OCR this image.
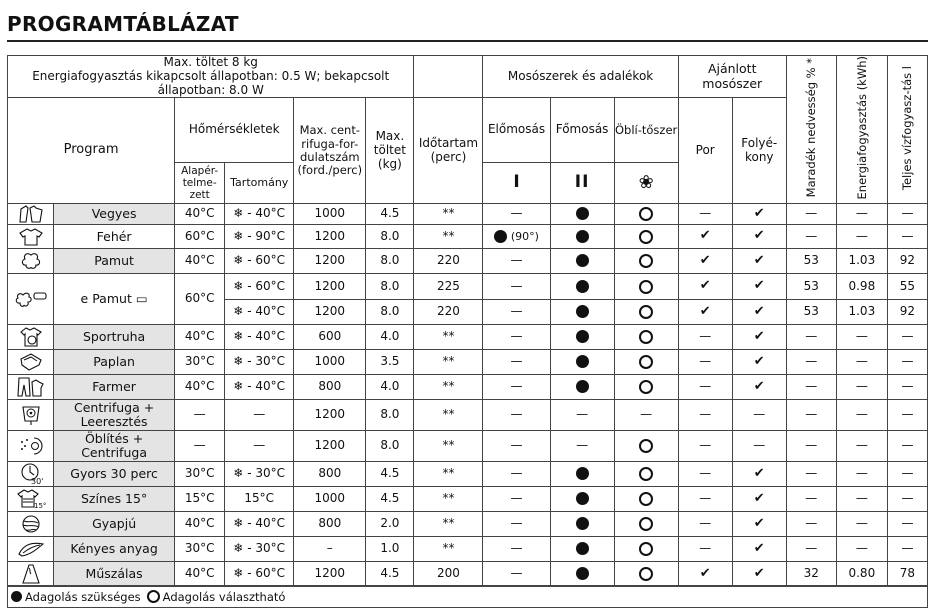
PROGRAMTÁBLÁZAT
Max. töltet 8 kg
Energiafogyasztás kikapcsolt állapotban: 0.5 W; bekapcsolt állapotban: 8.0 W							Mosószerek és adalékok			Ajánlott mosószer		Maradék nedvesség % *	Energiafogyasztás (kWh)	Teljes vízfogyasz-tás l
Program		Hőmérsékletek		Max. cent-rifuga-for-dulatszám (ford./perc)	Max. töltet (kg)	Időtartam (perc)	Előmosás	Főmosás	Öblí-tőszer	Por	Folyé-kony			
		Alapér-telme-zett	Tartomány				I	II	❀					

	Vegyes	40°C	❄ - 40°C	1000	4.5	**	—			—	✔	—	—	—

	Fehér	60°C	❄ - 90°C	1200	8.0	**	(90°)			✔	✔	—	—	—

	Pamut	40°C	❄ - 60°C	1200	8.0	220	—			✔	✔	53	1.03	92

	e Pamut ▭	60°C	❄ - 60°C	1200	8.0	225	—			✔	✔	53	0.98	55
			❄ - 40°C	1200	8.0	220	—			✔	✔	53	1.03	92

	Sportruha	40°C	❄ - 40°C	600	4.0	**	—			—	✔	—	—	—

	Paplan	30°C	❄ - 30°C	1000	3.5	**	—			—	✔	—	—	—

	Farmer	40°C	❄ - 40°C	800	4.0	**	—			—	✔	—	—	—

	Centrifuga + Leeresztés	—	—	1200	8.0	**	—	—	—	—	—	—	—	—

	Öblítés + Centrifuga	—	—	1200	8.0	**	—	—		—	—	—	—	—

30'	Gyors 30 perc	30°C	❄ - 30°C	800	4.5	**	—			—	✔	—	—	—

15°	Színes 15°	15°C	15°C	1000	4.5	**	—			—	✔	—	—	—

	Gyapjú	40°C	❄ - 40°C	800	2.0	**	—			—	✔	—	—	—

	Kényes anyag	30°C	❄ - 30°C	–	1.0	**	—			—	✔	—	—	—

	Műszálas	40°C	❄ - 60°C	1200	4.5	200	—			✔	✔	32	0.80	78
Adagolás szükséges Adagolás választható
